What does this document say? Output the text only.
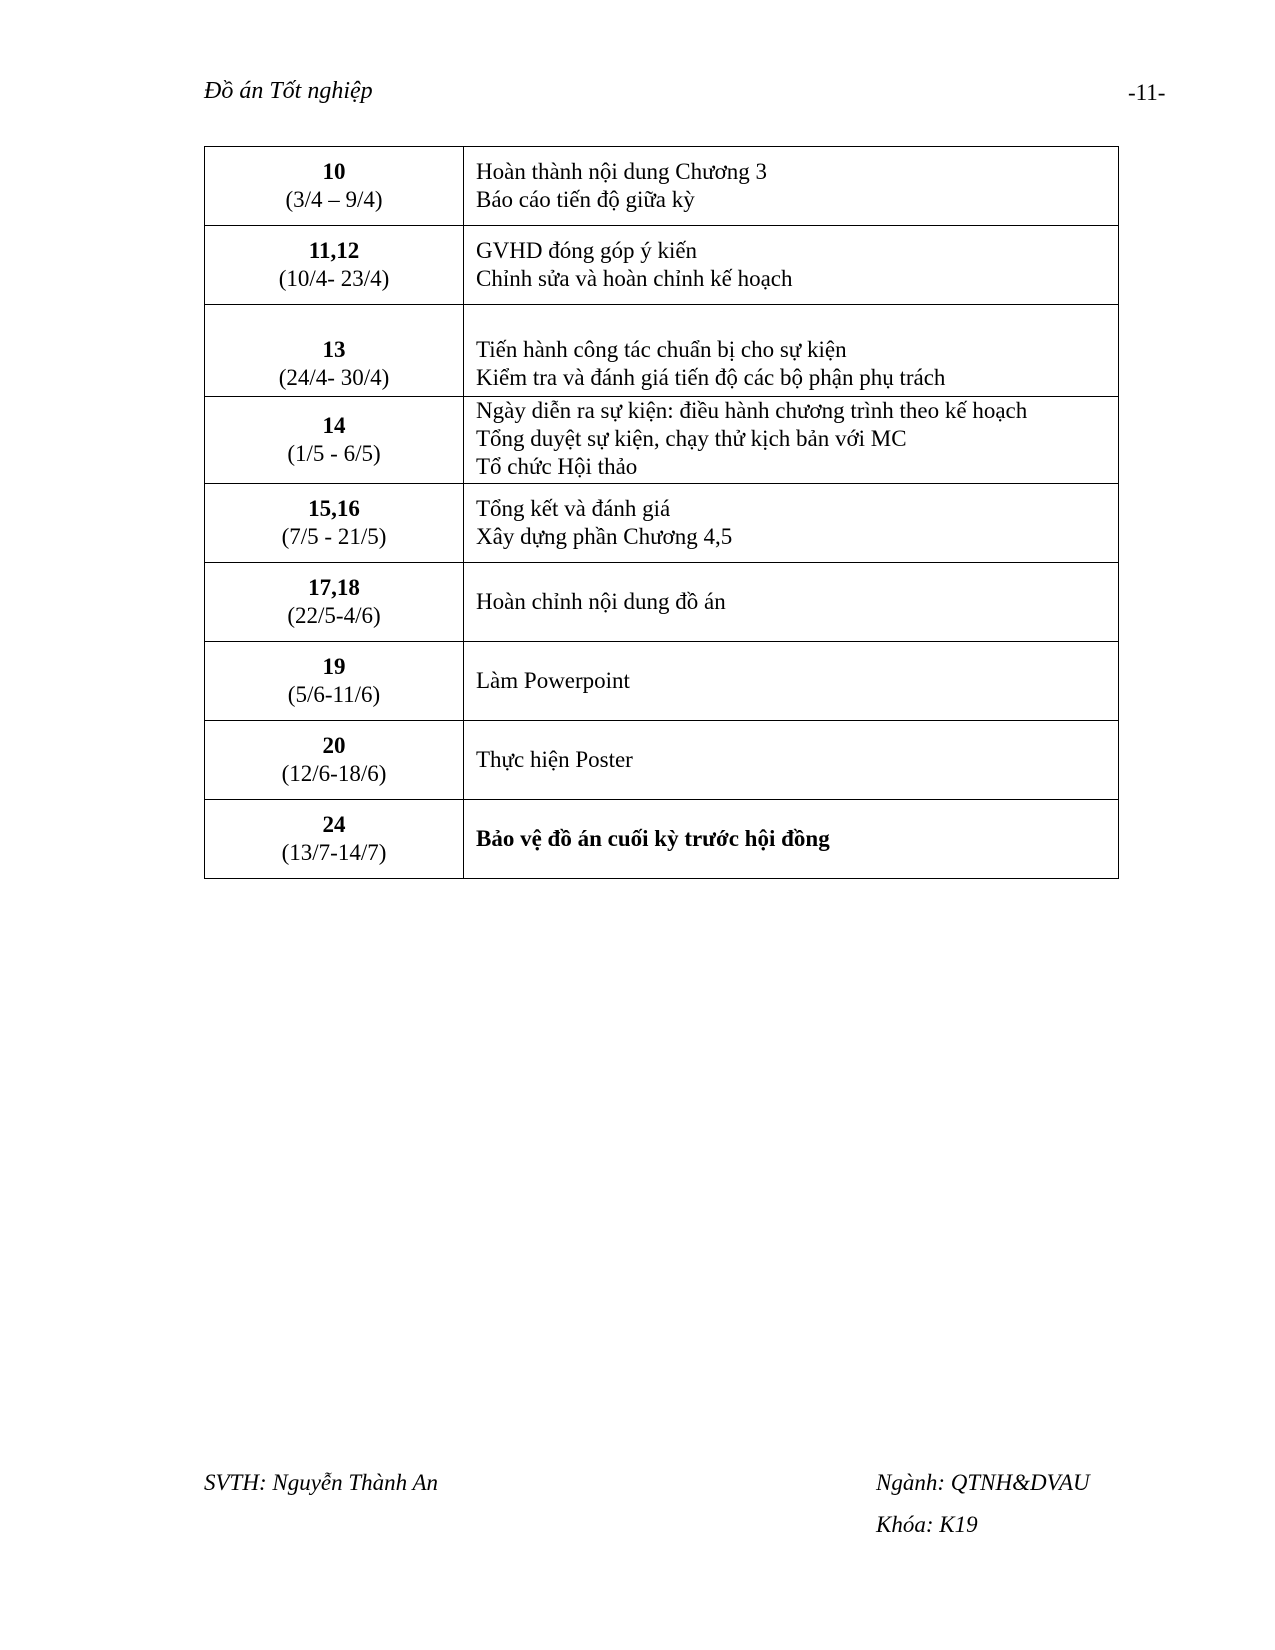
Đồ án Tốt nghiệp	-11-
10
(3/4 – 9/4)	Hoàn thành nội dung Chương 3
Báo cáo tiến độ giữa kỳ

11,12
(10/4- 23/4)	GVHD đóng góp ý kiến
Chỉnh sửa và hoàn chỉnh kế hoạch

13
(24/4- 30/4)	Tiến hành công tác chuẩn bị cho sự kiện
Kiểm tra và đánh giá tiến độ các bộ phận phụ trách

14
(1/5 - 6/5)	Ngày diễn ra sự kiện: điều hành chương trình theo kế hoạch
Tổng duyệt sự kiện, chạy thử kịch bản với MC
Tổ chức Hội thảo

15,16
(7/5 - 21/5)	Tổng kết và đánh giá
Xây dựng phần Chương 4,5

17,18
(22/5-4/6)	Hoàn chỉnh nội dung đồ án

19
(5/6-11/6)	Làm Powerpoint

20
(12/6-18/6)	Thực hiện Poster

24
(13/7-14/7)	Bảo vệ đồ án cuối kỳ trước hội đồng
SVTH: Nguyễn Thành An	Ngành: QTNH&DVAU
Khóa: K19
